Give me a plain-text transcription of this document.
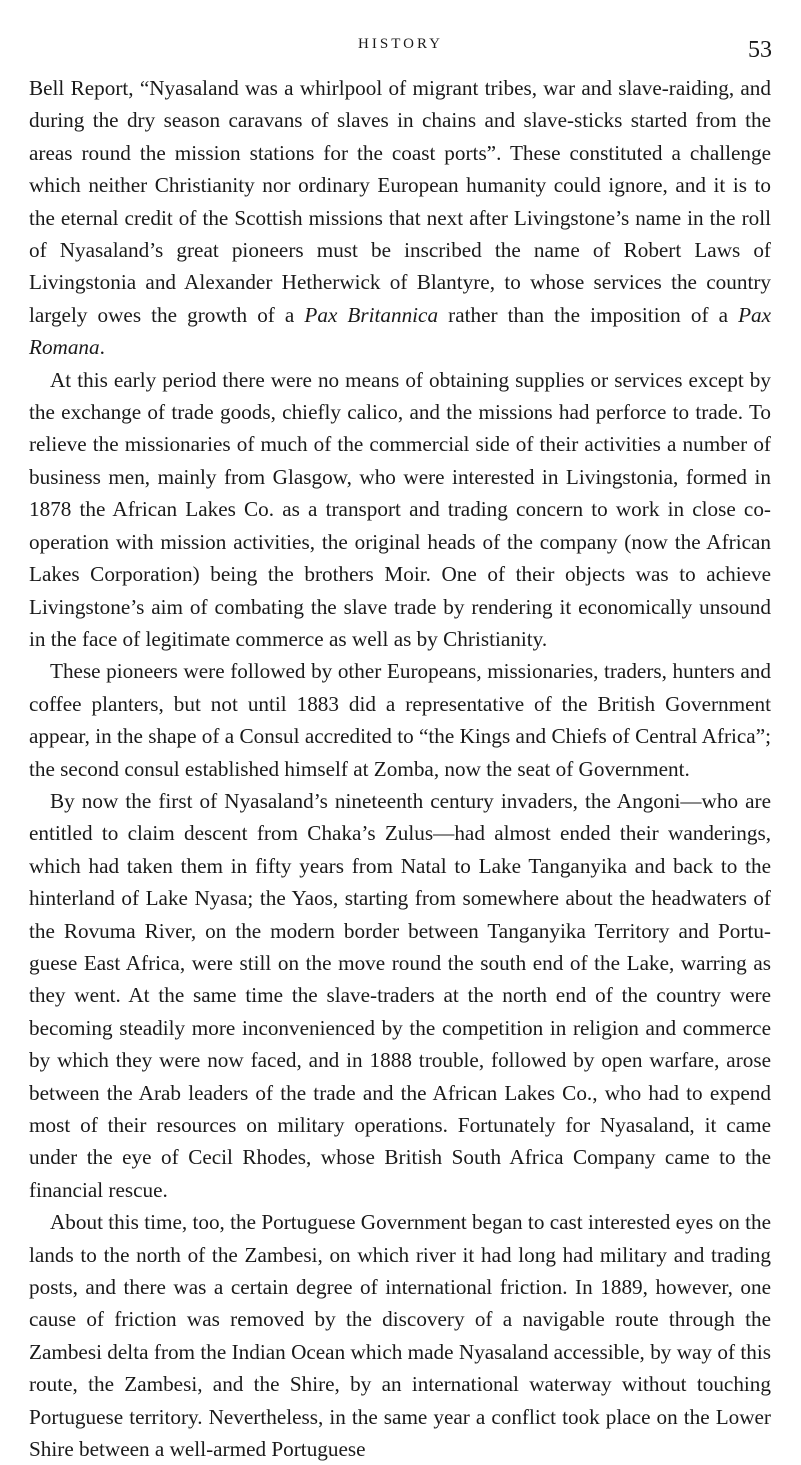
HISTORY	53

Bell Report, “Nyasaland was a whirlpool of migrant tribes, war and slave-raiding, and during the dry season caravans of slaves in chains and slave-sticks started from the areas round the mission stations for the coast ports”. These constituted a challenge which neither Christianity nor ordinary European humanity could ignore, and it is to the eternal credit of the Scottish missions that next after Livingstone’s name in the roll of Nyasaland’s great pioneers must be inscribed the name of Robert Laws of Livingstonia and Alexander Hetherwick of Blantyre, to whose services the country largely owes the growth of a Pax Britannica rather than the imposition of a Pax Romana.

At this early period there were no means of obtaining supplies or services except by the exchange of trade goods, chiefly calico, and the missions had perforce to trade. To relieve the missionaries of much of the commercial side of their activities a number of business men, mainly from Glasgow, who were interested in Livingstonia, formed in 1878 the African Lakes Co. as a transport and trading concern to work in close co-operation with mission activities, the original heads of the company (now the African Lakes Corporation) being the brothers Moir. One of their objects was to achieve Livingstone’s aim of combating the slave trade by rendering it economically unsound in the face of legitimate commerce as well as by Christianity.

These pioneers were followed by other Europeans, missionaries, traders, hunters and coffee planters, but not until 1883 did a representative of the British Government appear, in the shape of a Consul accredited to “the Kings and Chiefs of Central Africa”; the second consul established himself at Zomba, now the seat of Government.

By now the first of Nyasaland’s nineteenth century invaders, the Angoni—who are entitled to claim descent from Chaka’s Zulus—had almost ended their wanderings, which had taken them in fifty years from Natal to Lake Tanganyika and back to the hinterland of Lake Nyasa; the Yaos, starting from somewhere about the headwaters of the Rovuma River, on the modern border between Tanganyika Territory and Portu-guese East Africa, were still on the move round the south end of the Lake, warring as they went. At the same time the slave-traders at the north end of the country were becoming steadily more inconvenienced by the competition in religion and commerce by which they were now faced, and in 1888 trouble, followed by open warfare, arose between the Arab leaders of the trade and the African Lakes Co., who had to expend most of their resources on military operations. Fortunately for Nyasaland, it came under the eye of Cecil Rhodes, whose British South Africa Company came to the financial rescue.

About this time, too, the Portuguese Government began to cast interested eyes on the lands to the north of the Zambesi, on which river it had long had military and trading posts, and there was a certain degree of international friction. In 1889, however, one cause of friction was removed by the discovery of a navigable route through the Zambesi delta from the Indian Ocean which made Nyasaland accessible, by way of this route, the Zambesi, and the Shire, by an international waterway without touching Portuguese territory. Nevertheless, in the same year a conflict took place on the Lower Shire between a well-armed Portuguese
